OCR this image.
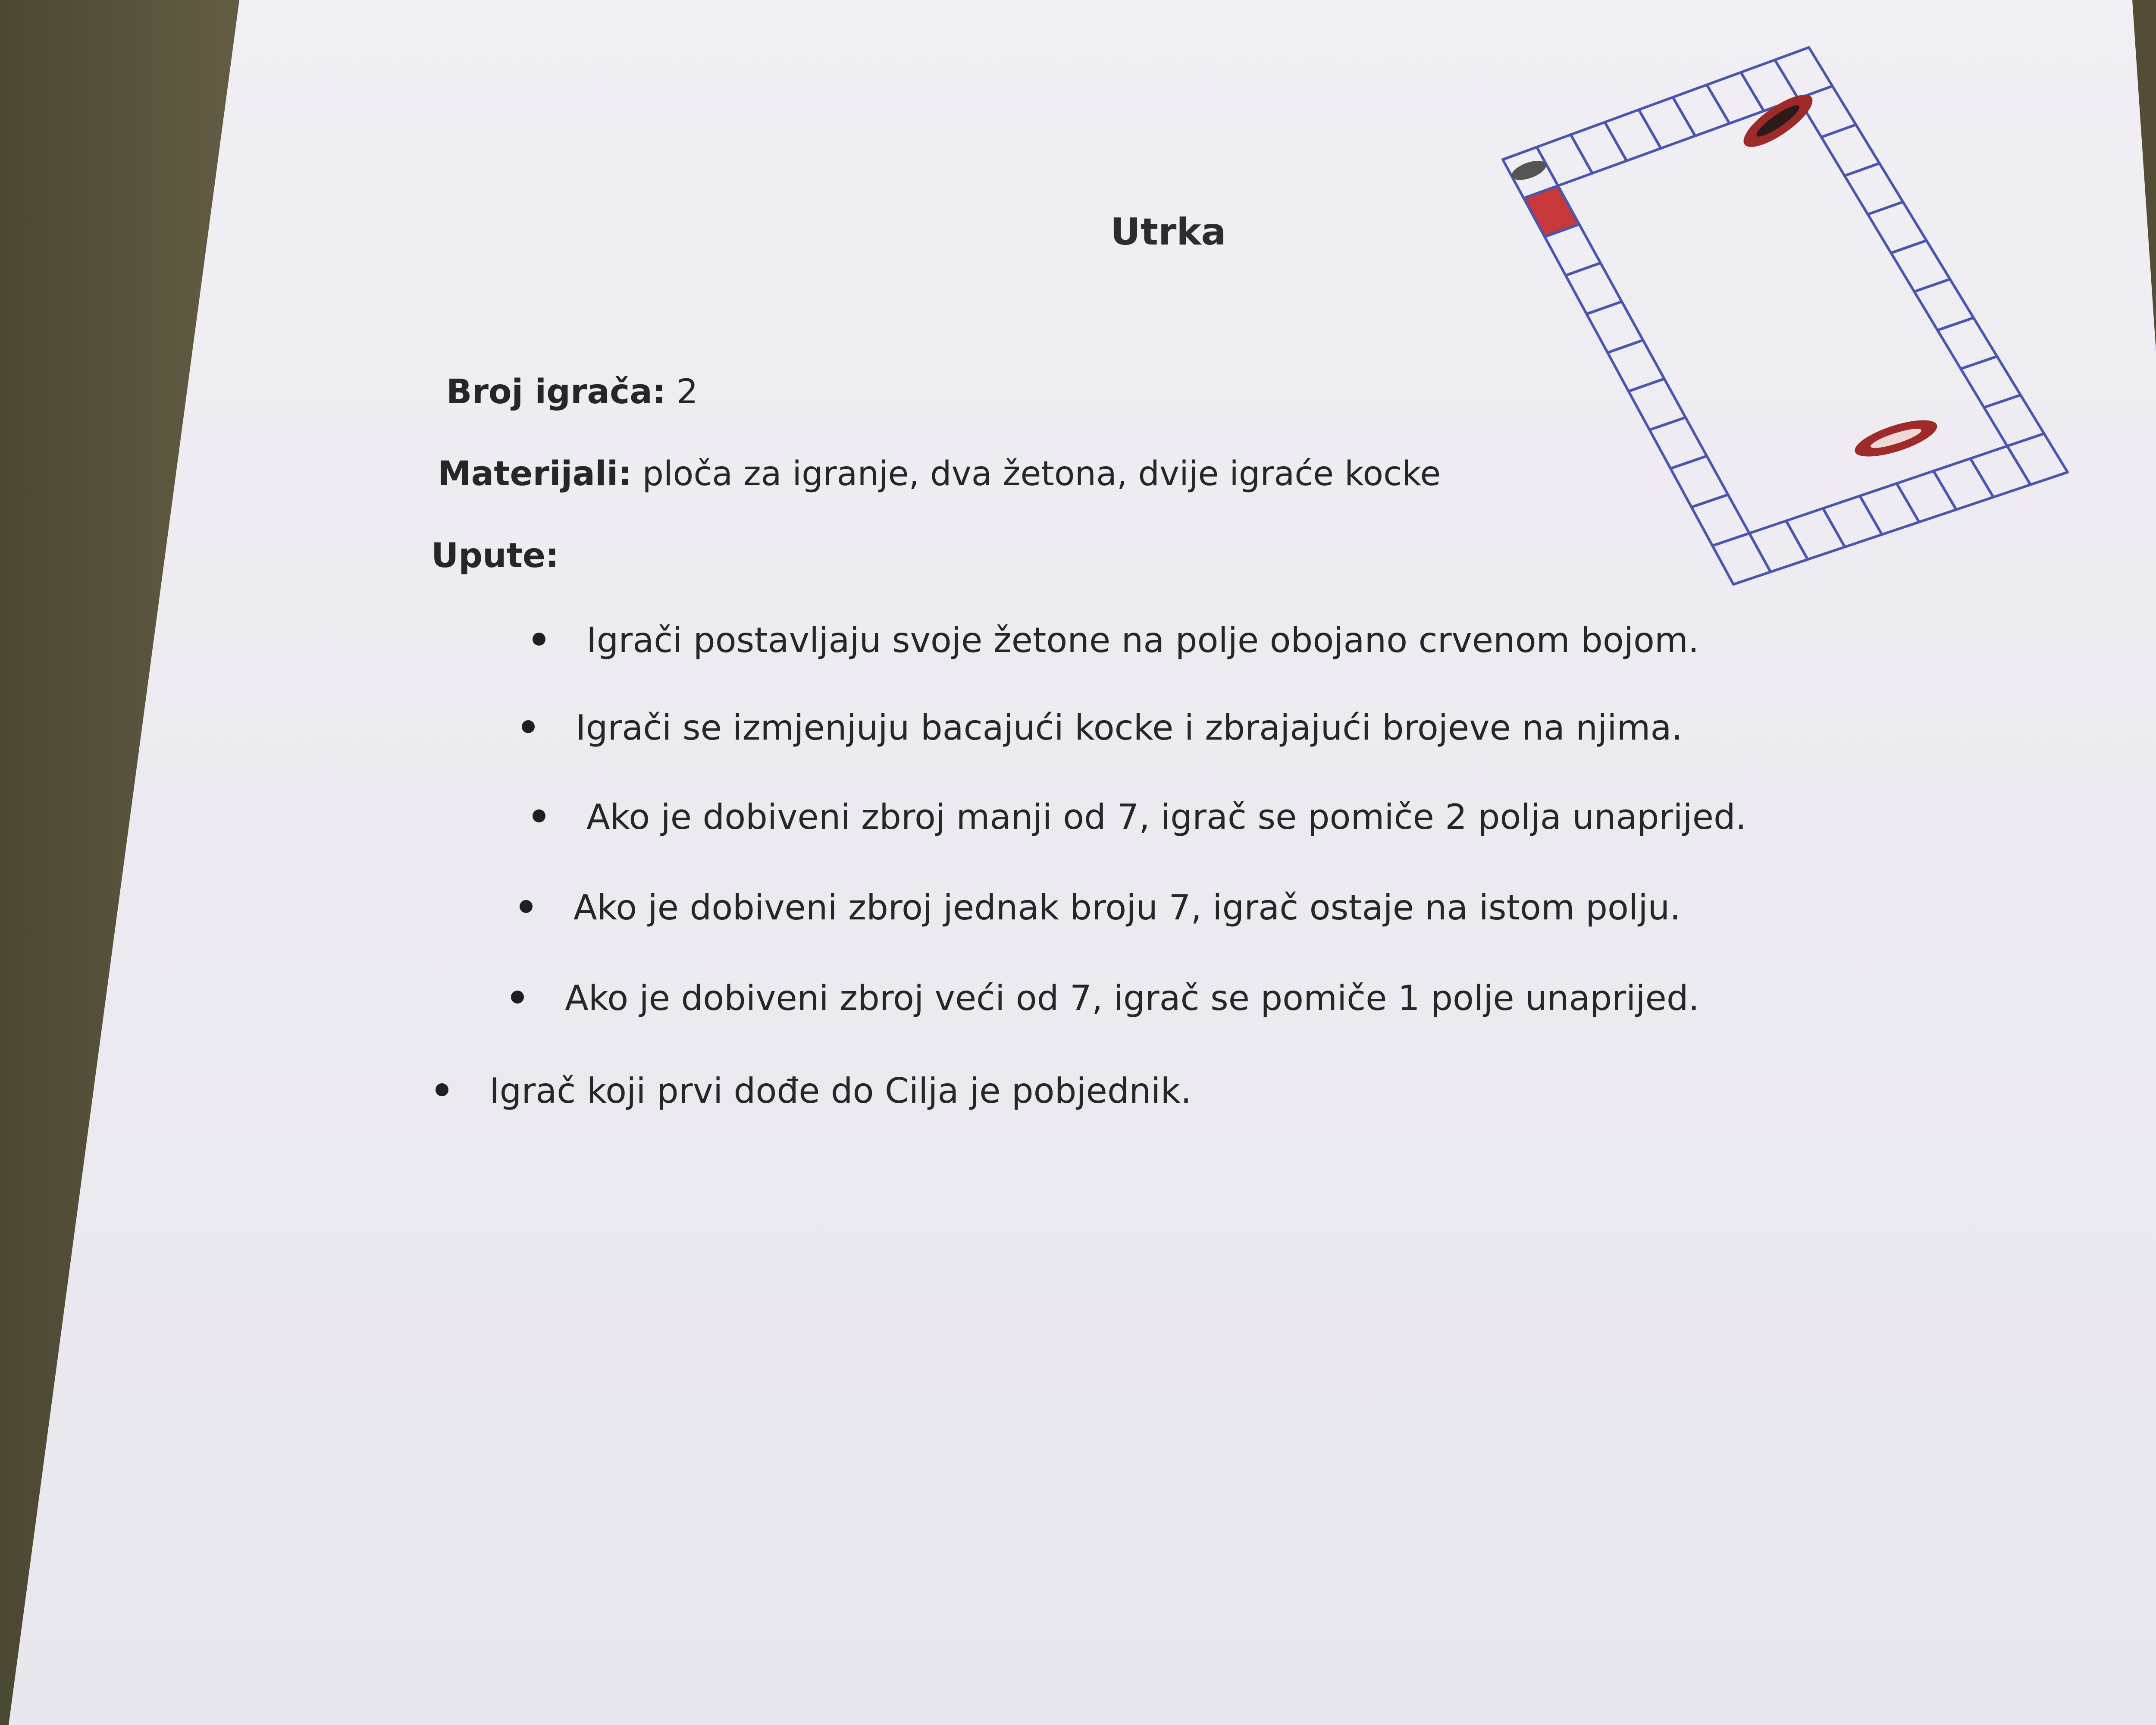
Utrka
Broj igrača: 2
Materijali: ploča za igranje, dva žetona, dvije igraće kocke
Upute:
Igrači postavljaju svoje žetone na polje obojano crvenom bojom.
Igrači se izmjenjuju bacajući kocke i zbrajajući brojeve na njima.
Ako je dobiveni zbroj manji od 7, igrač se pomiče 2 polja unaprijed.
Ako je dobiveni zbroj jednak broju 7, igrač ostaje na istom polju.
Ako je dobiveni zbroj veći od 7, igrač se pomiče 1 polje unaprijed.
Igrač koji prvi dođe do Cilja je pobjednik.
